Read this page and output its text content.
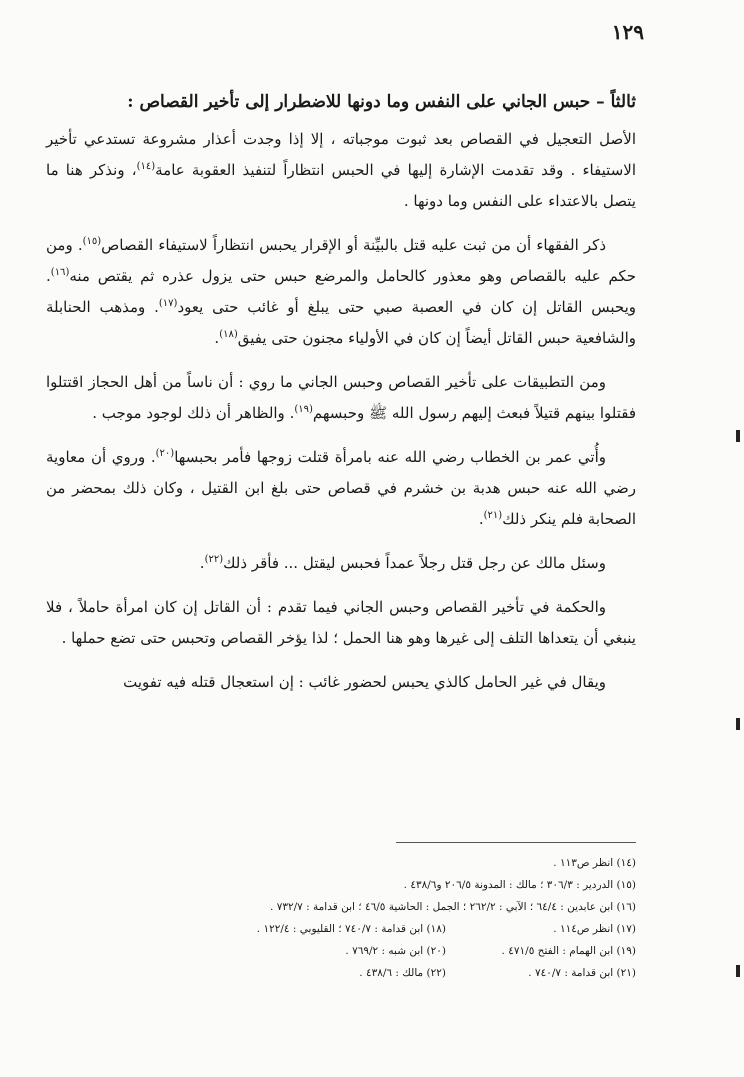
١٢٩
ثالثاً – حبس الجاني على النفس وما دونها للاضطرار إلى تأخير القصاص :

الأصل التعجيل في القصاص بعد ثبوت موجباته ، إلا إذا وجدت أعذار مشروعة تستدعي تأخير الاستيفاء . وقد تقدمت الإشارة إليها في الحبس انتظاراً لتنفيذ العقوبة عامة$^{(١٤)}$، ونذكر هنا ما يتصل بالاعتداء على النفس وما دونها .

ذكر الفقهاء أن من ثبت عليه قتل بالبيِّنة أو الإقرار يحبس انتظاراً لاستيفاء القصاص$^{(١٥)}$. ومن حكم عليه بالقصاص وهو معذور كالحامل والمرضع حبس حتى يزول عذره ثم يقتص منه$^{(١٦)}$. ويحبس القاتل إن كان في العصبة صبي حتى يبلغ أو غائب حتى يعود$^{(١٧)}$. ومذهب الحنابلة والشافعية حبس القاتل أيضاً إن كان في الأولياء مجنون حتى يفيق$^{(١٨)}$.

ومن التطبيقات على تأخير القصاص وحبس الجاني ما روي : أن ناساً من أهل الحجاز اقتتلوا فقتلوا بينهم قتيلاً فبعث إليهم رسول الله ﷺ وحبسهم$^{(١٩)}$. والظاهر أن ذلك لوجود موجب .

وأُتي عمر بن الخطاب رضي الله عنه بامرأة قتلت زوجها فأمر بحبسها$^{(٢٠)}$. وروي أن معاوية رضي الله عنه حبس هدبة بن خشرم في قصاص حتى بلغ ابن القتيل ، وكان ذلك بمحضر من الصحابة فلم ينكر ذلك$^{(٢١)}$.

وسئل مالك عن رجل قتل رجلاً عمداً فحبس ليقتل ... فأقر ذلك$^{(٢٢)}$.

والحكمة في تأخير القصاص وحبس الجاني فيما تقدم : أن القاتل إن كان امرأة حاملاً ، فلا ينبغي أن يتعداها التلف إلى غيرها وهو هنا الحمل ؛ لذا يؤخر القصاص وتحبس حتى تضع حملها .

ويقال في غير الحامل كالذي يحبس لحضور غائب : إن استعجال قتله فيه تفويت

(١٤) انظر ص١١٣ .
(١٥) الدردير : ٣٠٦/٣ ؛ مالك : المدونة ٢٠٦/٥ و٤٣٨/٦ .
(١٦) ابن عابدين : ٦٤/٤ ؛ الآبي : ٢٦٢/٢ ؛ الجمل : الحاشية ٤٦/٥ ؛ ابن قدامة : ٧٣٢/٧ .
(١٧) انظر ص١١٤ .
(١٨) ابن قدامة : ٧٤٠/٧ ؛ القليوبي : ١٢٢/٤ .
(١٩) ابن الهمام : الفتح ٤٧١/٥ .
(٢٠) ابن شبه : ٧٦٩/٢ .
(٢١) ابن قدامة : ٧٤٠/٧ .
(٢٢) مالك : ٤٣٨/٦ .
